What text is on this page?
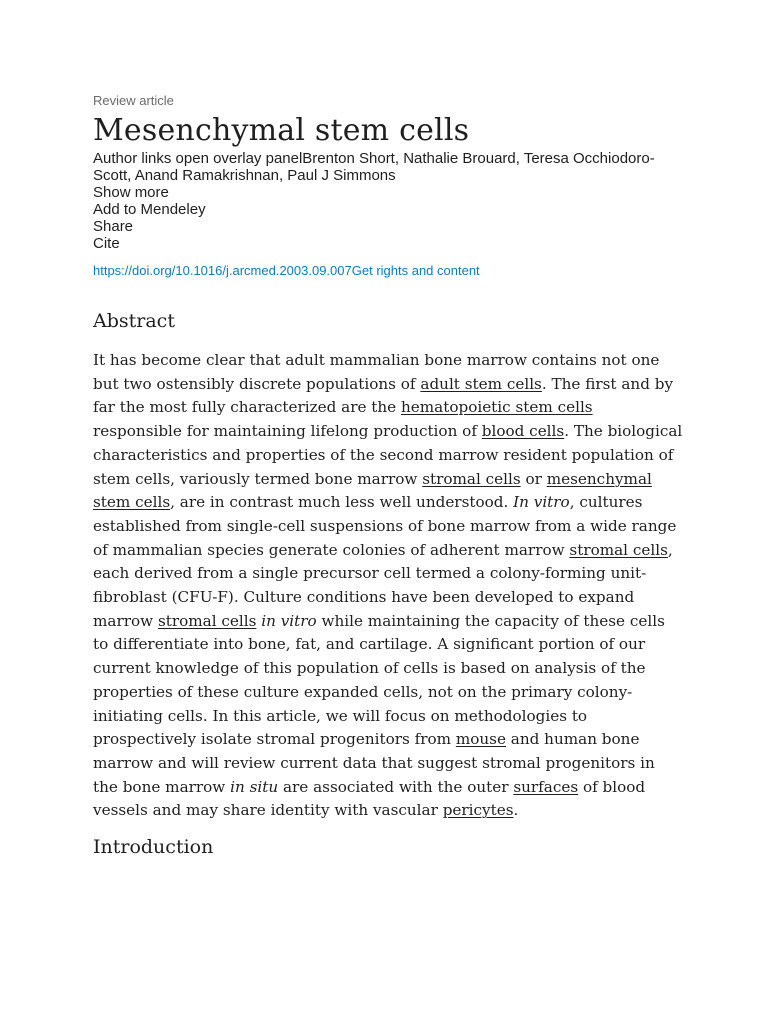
Review article

Mesenchymal stem cells

Author links open overlay panelBrenton Short, Nathalie Brouard, Teresa Occhiodoro-Scott, Anand Ramakrishnan, Paul J Simmons

Show more
Add to Mendeley
Share
Cite
https://doi.org/10.1016/j.arcmed.2003.09.007Get rights and content
Abstract

It has become clear that adult mammalian bone marrow contains not one but two ostensibly discrete populations of adult stem cells. The first and by far the most fully characterized are the hematopoietic stem cells responsible for maintaining lifelong production of blood cells. The biological characteristics and properties of the second marrow resident population of stem cells, variously termed bone marrow stromal cells or mesenchymal stem cells, are in contrast much less well understood. In vitro, cultures established from single-cell suspensions of bone marrow from a wide range of mammalian species generate colonies of adherent marrow stromal cells, each derived from a single precursor cell termed a colony-forming unit-fibroblast (CFU-F). Culture conditions have been developed to expand marrow stromal cells in vitro while maintaining the capacity of these cells to differentiate into bone, fat, and cartilage. A significant portion of our current knowledge of this population of cells is based on analysis of the properties of these culture expanded cells, not on the primary colony-initiating cells. In this article, we will focus on methodologies to prospectively isolate stromal progenitors from mouse and human bone marrow and will review current data that suggest stromal progenitors in the bone marrow in situ are associated with the outer surfaces of blood vessels and may share identity with vascular pericytes.

Introduction
